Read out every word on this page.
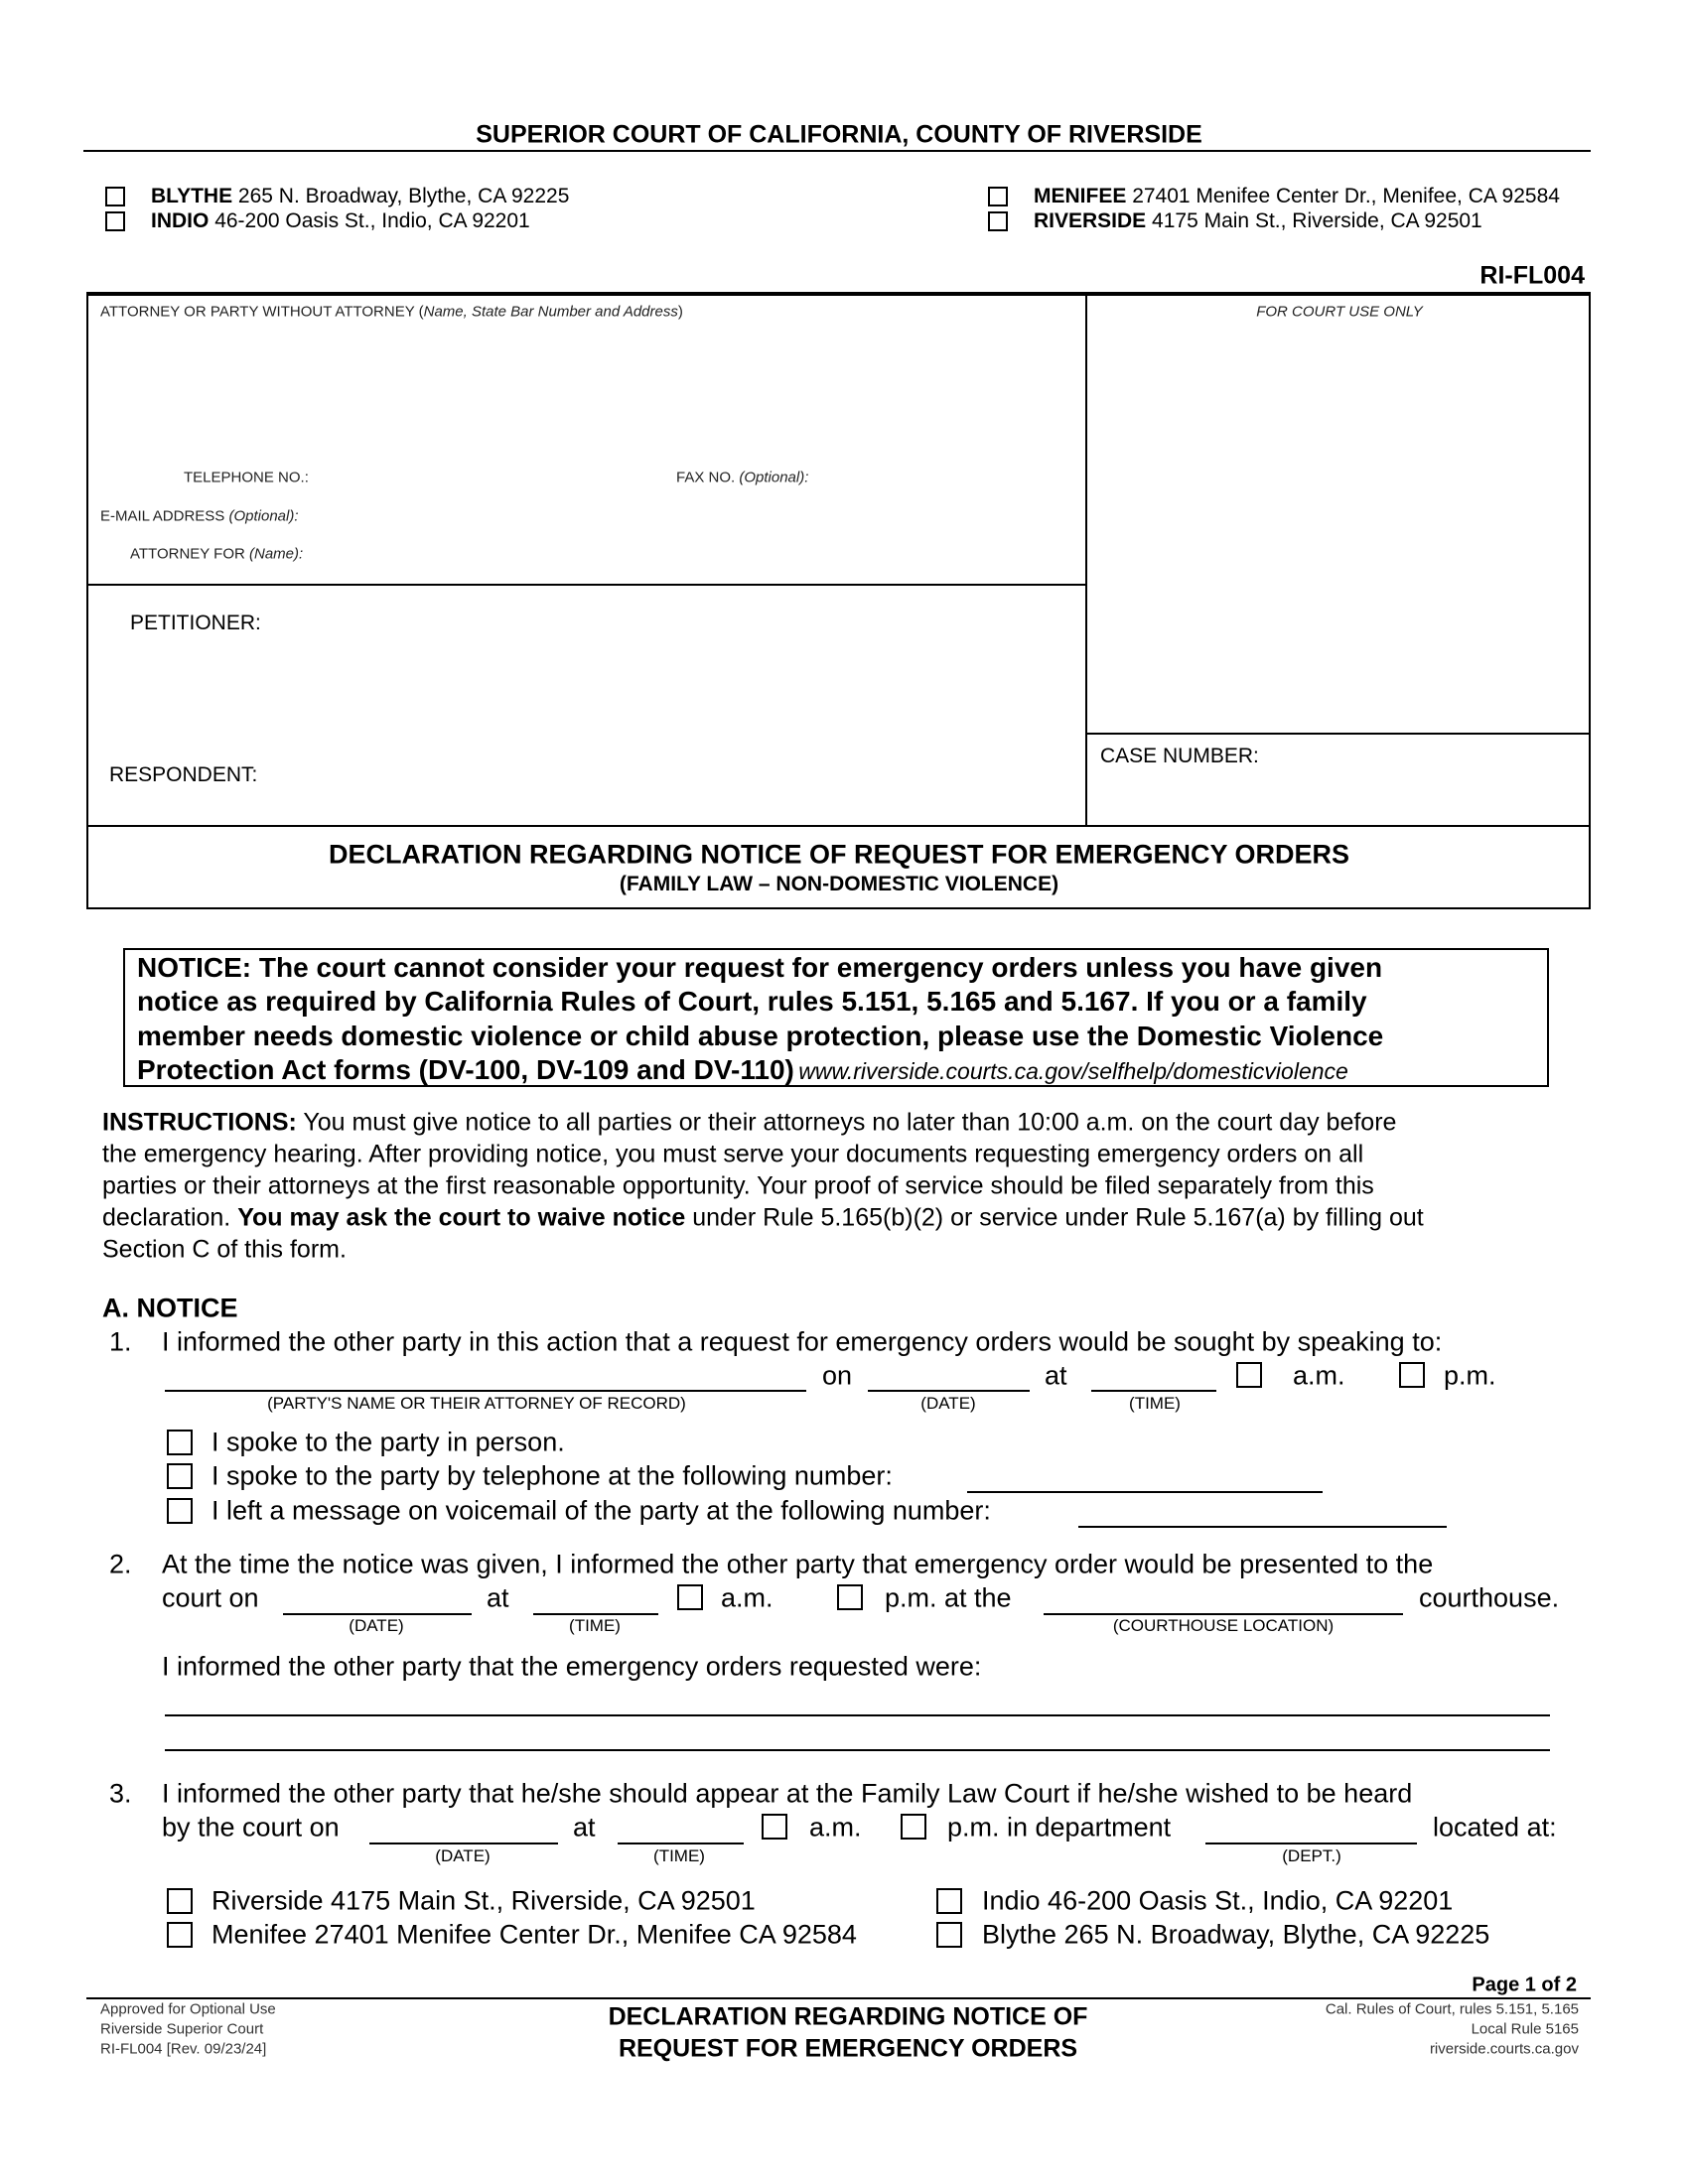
SUPERIOR COURT OF CALIFORNIA, COUNTY OF RIVERSIDE
BLYTHE 265 N. Broadway, Blythe, CA 92225
INDIO 46-200 Oasis St., Indio, CA 92201
MENIFEE 27401 Menifee Center Dr., Menifee, CA 92584
RIVERSIDE 4175 Main St., Riverside, CA 92501
RI-FL004
ATTORNEY OR PARTY WITHOUT ATTORNEY (Name, State Bar Number and Address)	FOR COURT USE ONLY
TELEPHONE NO.:	FAX NO. (Optional):
E-MAIL ADDRESS (Optional):
ATTORNEY FOR (Name):
PETITIONER:
RESPONDENT:
CASE NUMBER:
DECLARATION REGARDING NOTICE OF REQUEST FOR EMERGENCY ORDERS
(FAMILY LAW – NON-DOMESTIC VIOLENCE)
NOTICE: The court cannot consider your request for emergency orders unless you have given
notice as required by California Rules of Court, rules 5.151, 5.165 and 5.167. If you or a family
member needs domestic violence or child abuse protection, please use the Domestic Violence
Protection Act forms (DV-100, DV-109 and DV-110) www.riverside.courts.ca.gov/selfhelp/domesticviolence
INSTRUCTIONS: You must give notice to all parties or their attorneys no later than 10:00 a.m. on the court day before
the emergency hearing. After providing notice, you must serve your documents requesting emergency orders on all
parties or their attorneys at the first reasonable opportunity. Your proof of service should be filed separately from this
declaration. You may ask the court to waive notice under Rule 5.165(b)(2) or service under Rule 5.167(a) by filling out
Section C of this form.
A. NOTICE
1. I informed the other party in this action that a request for emergency orders would be sought by speaking to:
on	at	a.m.	p.m.
(PARTY'S NAME OR THEIR ATTORNEY OF RECORD)	(DATE)	(TIME)
I spoke to the party in person.
I spoke to the party by telephone at the following number:
I left a message on voicemail of the party at the following number:
2. At the time the notice was given, I informed the other party that emergency order would be presented to the
court on	at	a.m.	p.m. at the	courthouse.
(DATE)	(TIME)	(COURTHOUSE LOCATION)
I informed the other party that the emergency orders requested were:
3. I informed the other party that he/she should appear at the Family Law Court if he/she wished to be heard
by the court on	at	a.m.	p.m. in department	located at:
(DATE)	(TIME)	(DEPT.)
Riverside 4175 Main St., Riverside, CA 92501	Indio 46-200 Oasis St., Indio, CA 92201
Menifee 27401 Menifee Center Dr., Menifee CA 92584	Blythe 265 N. Broadway, Blythe, CA 92225
Page 1 of 2
Approved for Optional Use
Riverside Superior Court
RI-FL004 [Rev. 09/23/24]
DECLARATION REGARDING NOTICE OF
REQUEST FOR EMERGENCY ORDERS
Cal. Rules of Court, rules 5.151, 5.165
Local Rule 5165
riverside.courts.ca.gov
